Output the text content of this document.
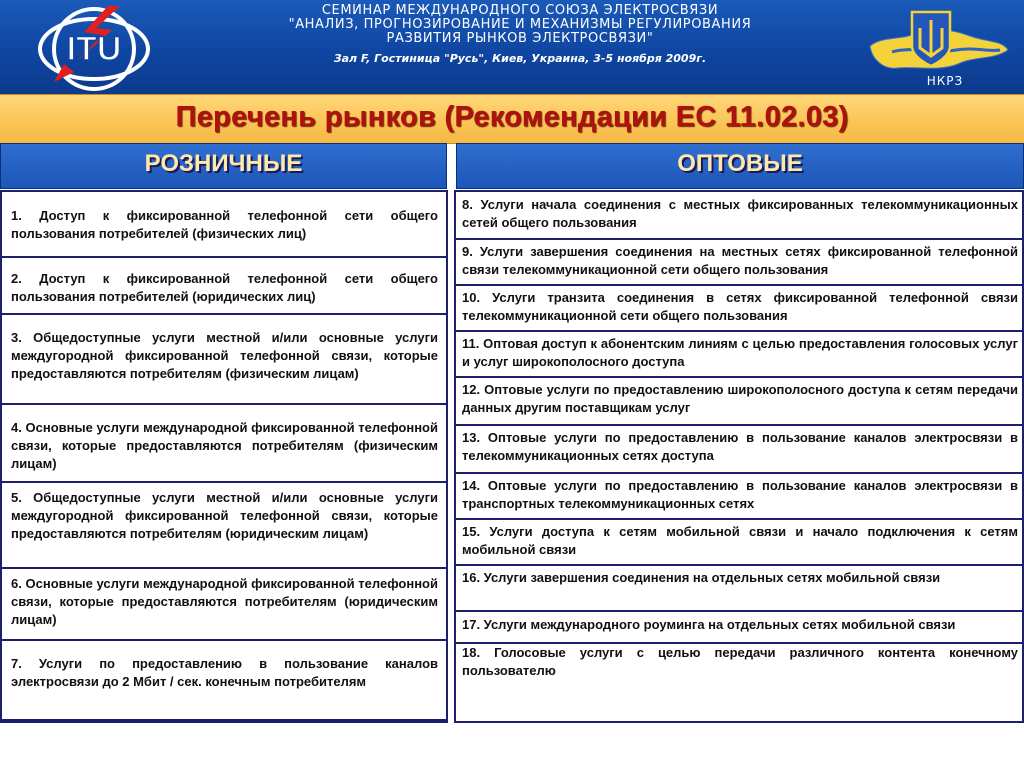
ITU
СЕМИНАР МЕЖДУНАРОДНОГО СОЮЗА ЭЛЕКТРОСВЯЗИ
"АНАЛИЗ, ПРОГНОЗИРОВАНИЕ И МЕХАНИЗМЫ РЕГУЛИРОВАНИЯ
РАЗВИТИЯ РЫНКОВ ЭЛЕКТРОСВЯЗИ"
Зал F, Гостиница "Русь", Киев, Украина, 3-5 ноября 2009г.
НКРЗ
Перечень рынков (Рекомендации ЕС 11.02.03)
РОЗНИЧНЫЕ	ОПТОВЫЕ
1. Доступ к фиксированной телефонной сети общего пользования потребителей (физических лиц)
2. Доступ к фиксированной телефонной сети общего пользования потребителей (юридических лиц)
3. Общедоступные услуги местной и/или основные услуги междугородной фиксированной телефонной связи, которые предоставляются потребителям (физическим лицам)
4. Основные услуги международной фиксированной телефонной связи, которые предоставляются потребителям (физическим лицам)
5. Общедоступные услуги местной и/или основные услуги междугородной фиксированной телефонной связи, которые предоставляются потребителям (юридическим лицам)
6. Основные услуги международной фиксированной телефонной связи, которые предоставляются потребителям (юридическим лицам)
7. Услуги по предоставлению в пользование каналов электросвязи до 2 Мбит / сек. конечным потребителям
8. Услуги начала соединения с местных фиксированных телекоммуникационных сетей общего пользования
9. Услуги завершения соединения на местных сетях фиксированной телефонной связи телекоммуникационной сети общего пользования
10. Услуги транзита соединения в сетях фиксированной телефонной связи телекоммуникационной сети общего пользования
11. Оптовая доступ к абонентским линиям с целью предоставления голосовых услуг и услуг широкополосного доступа
12. Оптовые услуги по предоставлению широкополосного доступа к сетям передачи данных другим поставщикам услуг
13. Оптовые услуги по предоставлению в пользование каналов электросвязи в телекоммуникационных сетях доступа
14. Оптовые услуги по предоставлению в пользование каналов электросвязи в транспортных телекоммуникационных сетях
15. Услуги доступа к сетям мобильной связи и начало подключения к сетям мобильной связи
16. Услуги завершения соединения на отдельных сетях мобильной связи
17. Услуги международного роуминга на отдельных сетях мобильной связи
18. Голосовые услуги с целью передачи различного контента конечному пользователю
